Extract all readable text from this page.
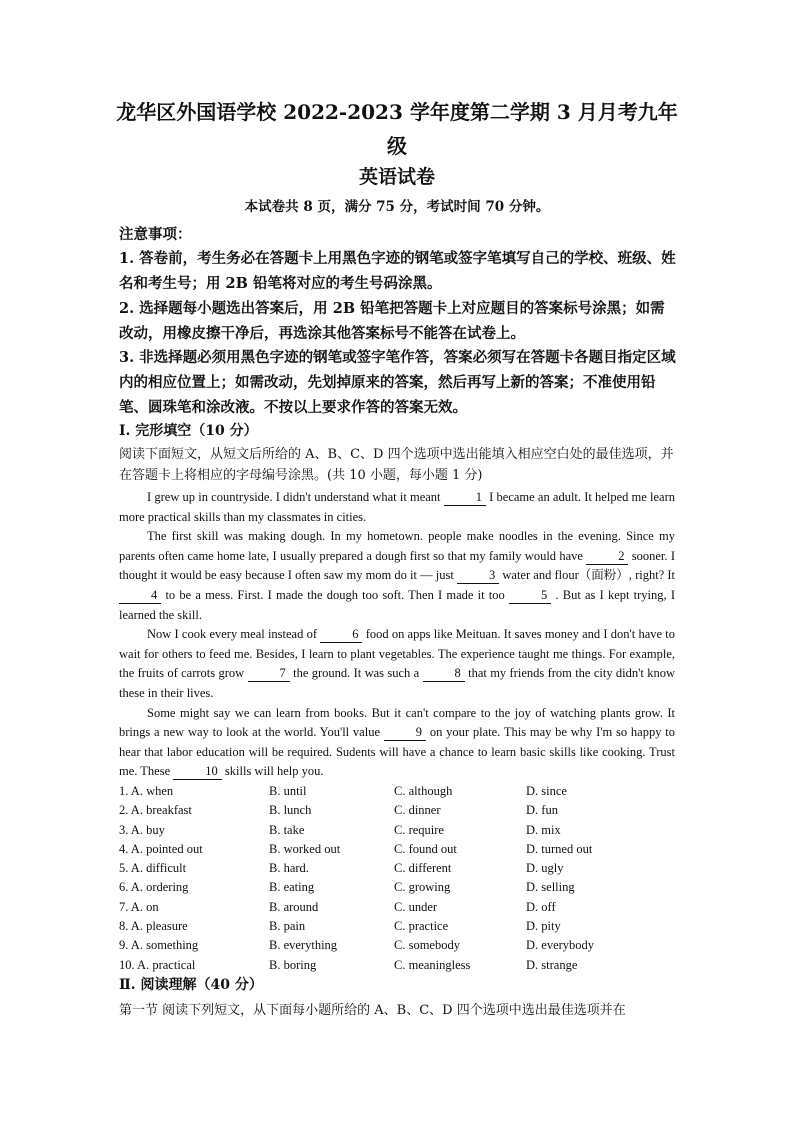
龙华区外国语学校 2022-2023 学年度第二学期 3 月月考九年
级
英语试卷
本试卷共 8 页，满分 75 分，考试时间 70 分钟。
注意事项：
1. 答卷前，考生务必在答题卡上用黑色字迹的钢笔或签字笔填写自己的学校、班级、姓名和考生号；用 2B 铅笔将对应的考生号码涂黑。
2. 选择题每小题选出答案后，用 2B 铅笔把答题卡上对应题目的答案标号涂黑；如需改动，用橡皮擦干净后，再选涂其他答案标号不能答在试卷上。
3. 非选择题必须用黑色字迹的钢笔或签字笔作答，答案必须写在答题卡各题目指定区域内的相应位置上；如需改动，先划掉原来的答案，然后再写上新的答案；不准使用铅笔、圆珠笔和涂改液。不按以上要求作答的答案无效。
I. 完形填空（10 分）
阅读下面短文，从短文后所给的 A、B、C、D 四个选项中选出能填入相应空白处的最佳选项，并在答题卡上将相应的字母编号涂黑。(共 10 小题，每小题 1 分)

I grew up in countryside. I didn't understand what it meant	1 I became an adult. It helped me learn more practical skills than my classmates in cities.

The first skill was making dough. In my hometown. people make noodles in the evening. Since my parents often came home late, I usually prepared a dough first so that my family would have	2 sooner. I thought it would be easy because I often saw my mom do it — just	3 water and flour（面粉）, right? It 4 to be a mess. First. I made the dough too soft. Then I made it too	5 . But as I kept trying, I learned the skill.

Now I cook every meal instead of	6 food on apps like Meituan. It saves money and I don't have to wait for others to feed me. Besides, I learn to plant vegetables. The experience taught me things. For example, the fruits of carrots grow	7 the ground. It was such a	8 that my friends from the city didn't know these in their lives.

Some might say we can learn from books. But it can't compare to the joy of watching plants grow. It brings a new way to look at the world. You'll value	9 on your plate. This may be why I'm so happy to hear that labor education will be required. Sudents will have a chance to learn basic skills like cooking. Trust me. These	10 skills will help you.

1. A. when	B. until	C. although	D. since
2. A. breakfast	B. lunch	C. dinner	D. fun
3. A. buy	B. take	C. require	D. mix
4. A. pointed out	B. worked out	C. found out	D. turned out
5. A. difficult	B. hard.	C. different	D. ugly
6. A. ordering	B. eating	C. growing	D. selling
7. A. on	B. around	C. under	D. off
8. A. pleasure	B. pain	C. practice	D. pity
9. A. something	B. everything	C. somebody	D. everybody
10. A. practical	B. boring	C. meaningless	D. strange
Ⅱ. 阅读理解（40 分）
第一节 阅读下列短文，从下面每小题所给的 A、B、C、D 四个选项中选出最佳选项并在
